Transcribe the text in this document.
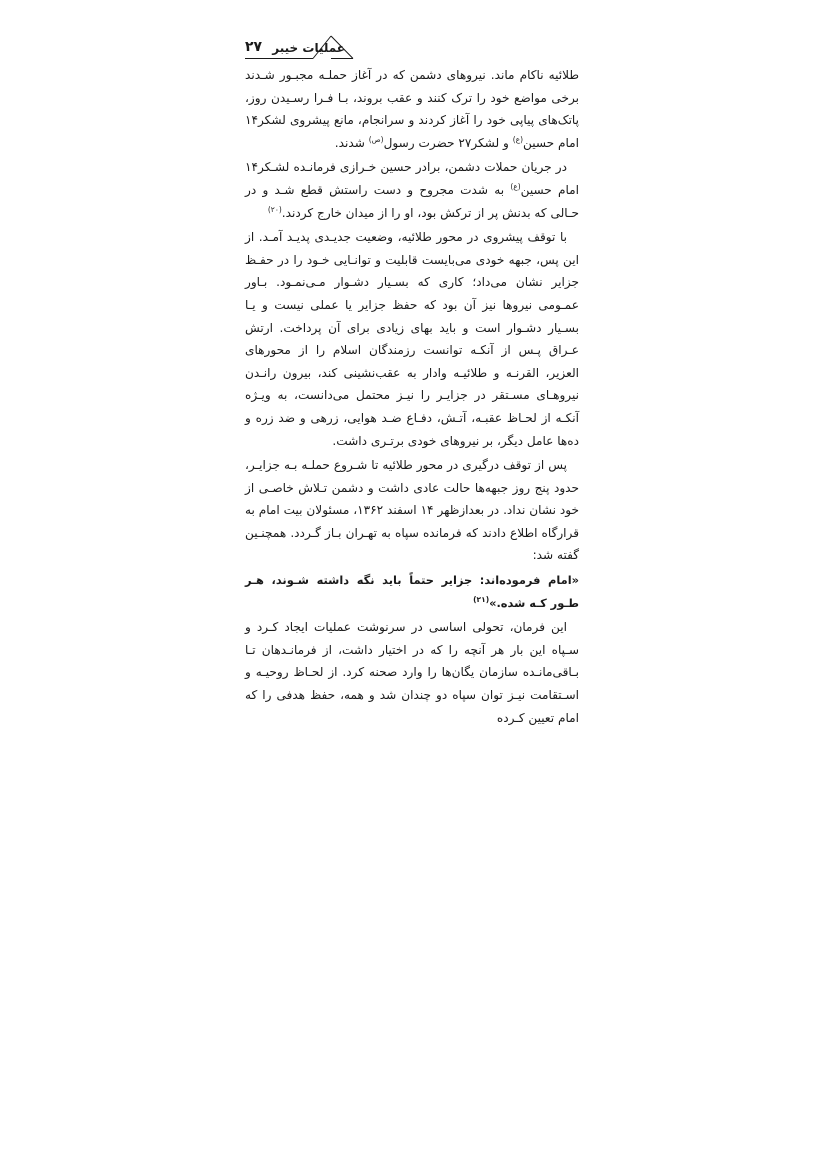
عملیات خیبر
۲۷

طلائیه ناکام ماند. نیروهای دشمن که در آغاز حملـه مجبـور شـدند برخی مواضع خود را ترک کنند و عقب بروند، بـا فـرا رسـیدن روز، پاتک‌های پیاپی خود را آغاز کردند و سرانجام، مانع پیشروی لشکر۱۴ امام حسین$^{(ع)}$ و لشکر۲۷ حضرت رسول$^{(ص)}$ شدند.

در جریان حملات دشمن، برادر حسین خـرازی فرمانـده لشـکر۱۴ امام حسین$^{(ع)}$ به شدت مجروح و دست راستش قطع شـد و در حـالی که بدنش پر از ترکش بود، او را از میدان خارج کردند.$^{(۲۰)}$

با توقف پیشروی در محور طلائیه، وضعیت جدیـدی پدیـد آمـد. از این پس، جبهه خودی می‌بایست قابلیت و توانـایی خـود را در حفـظ جزایر نشان می‌داد؛ کاری که بسـیار دشـوار مـی‌نمـود. بـاور عمـومی نیروها نیز آن بود که حفظ جزایر یا عملی نیست و یـا بسـیار دشـوار است و باید بهای زیادی برای آن پرداخت. ارتش عـراق پـس از آنکـه توانست رزمندگان اسلام را از محورهای العزیر، القرنـه و طلائیـه وادار به عقب‌نشینی کند، بیرون رانـدن نیروهـای مسـتقر در جزایـر را نیـز محتمل می‌دانست، به ویـژه آنکـه از لحـاظ عقبـه، آتـش، دفـاع ضـد هوایی، زرهی و ضد زره و ده‌ها عامل دیگر، بر نیروهای خودی برتـری داشت.

پس از توقف درگیری در محور طلائیه تا شـروع حملـه بـه جزایـر، حدود پنج روز جبهه‌ها حالت عادی داشت و دشمن تـلاش خاصـی از خود نشان نداد. در بعدازظهر ۱۴ اسفند ۱۳۶۲، مسئولان بیت امام به قرارگاه اطلاع دادند که فرمانده سپاه به تهـران بـاز گـردد. همچنـین گفته شد:

«امام فرموده‌اند: جزایر حتماً باید نگه داشته شـوند، هـر طـور کـه شده.»$^{(۲۱)}$

این فرمان، تحولی اساسی در سرنوشت عملیات ایجاد کـرد و سـپاه این بار هر آنچه را که در اختیار داشت، از فرمانـدهان تـا بـاقی‌مانـده سازمان یگان‌ها را وارد صحنه کرد. از لحـاظ روحیـه و اسـتقامت نیـز توان سپاه دو چندان شد و همه، حفظ هدفی را که امام تعیین کـرده
